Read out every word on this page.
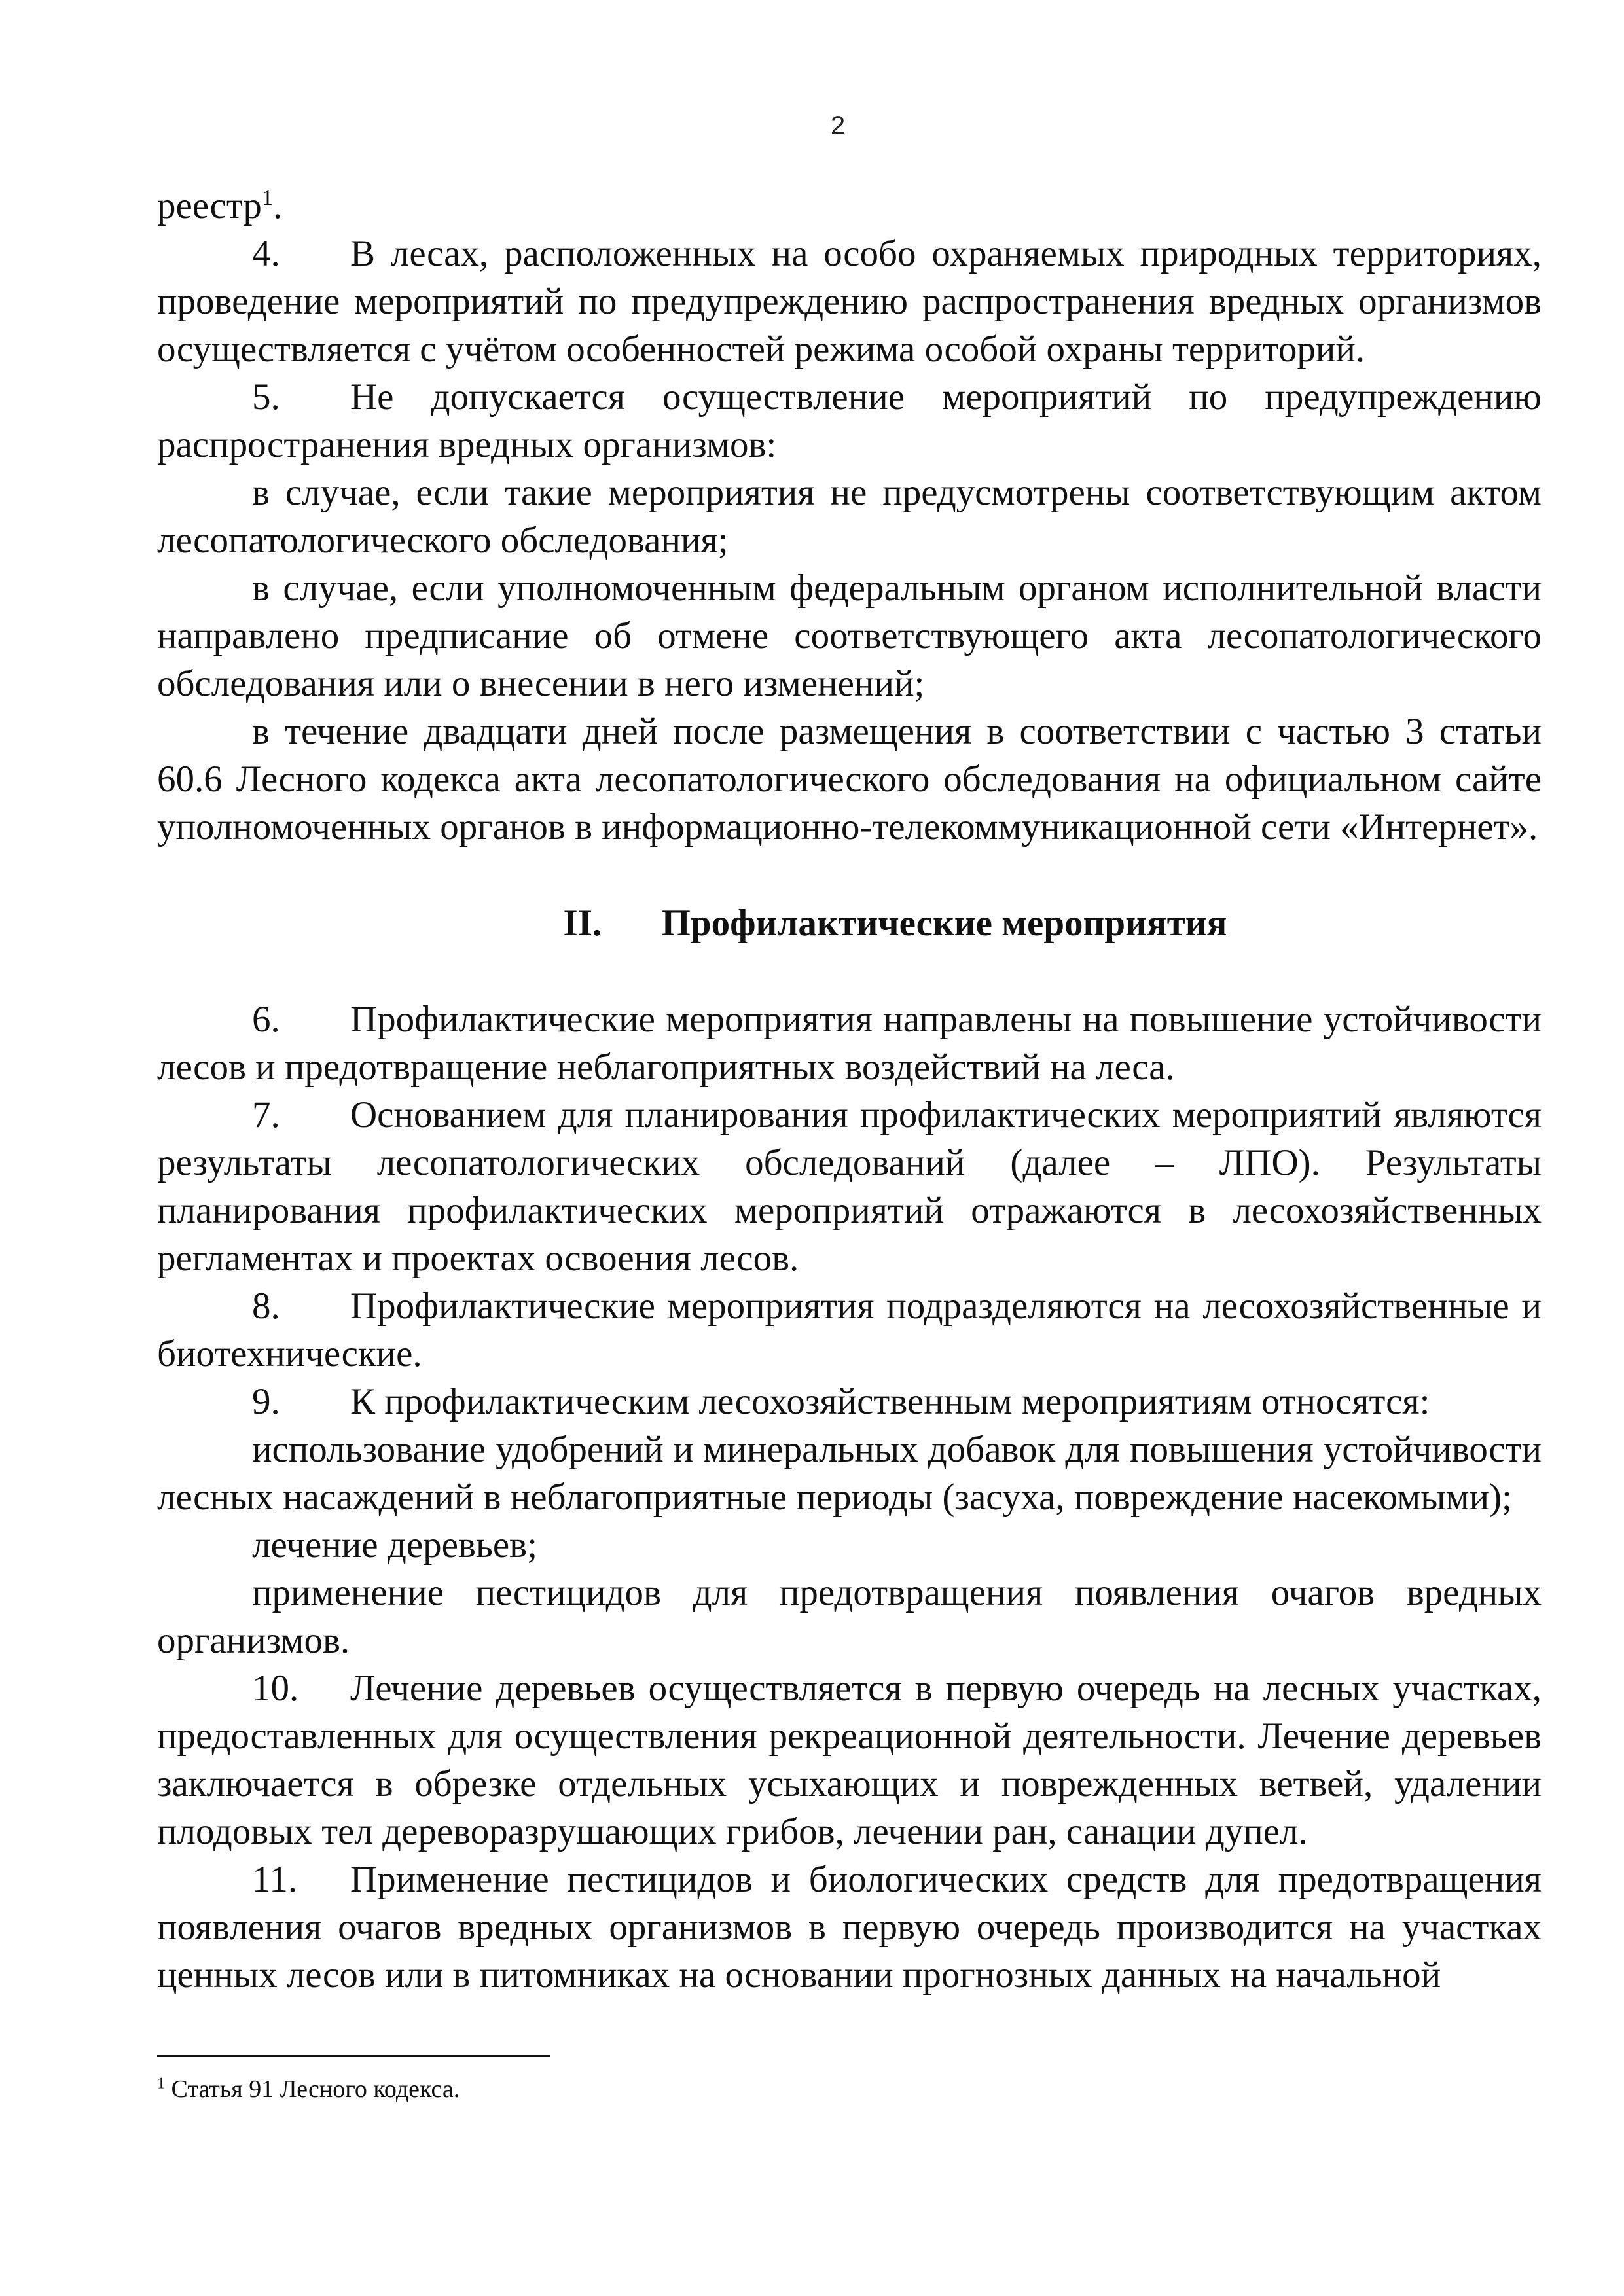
2

реестр$^1$.

4. В лесах, расположенных на особо охраняемых природных территориях, проведение мероприятий по предупреждению распространения вредных организмов осуществляется с учётом особенностей режима особой охраны территорий.

5. Не допускается осуществление мероприятий по предупреждению распространения вредных организмов:

в случае, если такие мероприятия не предусмотрены соответствующим актом лесопатологического обследования;

в случае, если уполномоченным федеральным органом исполнительной власти направлено предписание об отмене соответствующего акта лесопатологического обследования или о внесении в него изменений;

в течение двадцати дней после размещения в соответствии с частью 3 статьи 60.6 Лесного кодекса акта лесопатологического обследования на официальном сайте уполномоченных органов в информационно-телекоммуникационной сети «Интернет».

II. Профилактические мероприятия

6. Профилактические мероприятия направлены на повышение устойчивости лесов и предотвращение неблагоприятных воздействий на леса.

7. Основанием для планирования профилактических мероприятий являются результаты лесопатологических обследований (далее – ЛПО). Результаты планирования профилактических мероприятий отражаются в лесохозяйственных регламентах и проектах освоения лесов.

8. Профилактические мероприятия подразделяются на лесохозяйственные и биотехнические.

9. К профилактическим лесохозяйственным мероприятиям относятся:

использование удобрений и минеральных добавок для повышения устойчивости лесных насаждений в неблагоприятные периоды (засуха, повреждение насекомыми);

лечение деревьев;

применение пестицидов для предотвращения появления очагов вредных организмов.

10. Лечение деревьев осуществляется в первую очередь на лесных участках, предоставленных для осуществления рекреационной деятельности. Лечение деревьев заключается в обрезке отдельных усыхающих и поврежденных ветвей, удалении плодовых тел дереворазрушающих грибов, лечении ран, санации дупел.

11. Применение пестицидов и биологических средств для предотвращения появления очагов вредных организмов в первую очередь производится на участках ценных лесов или в питомниках на основании прогнозных данных на начальной

$^1$ Статья 91 Лесного кодекса.
